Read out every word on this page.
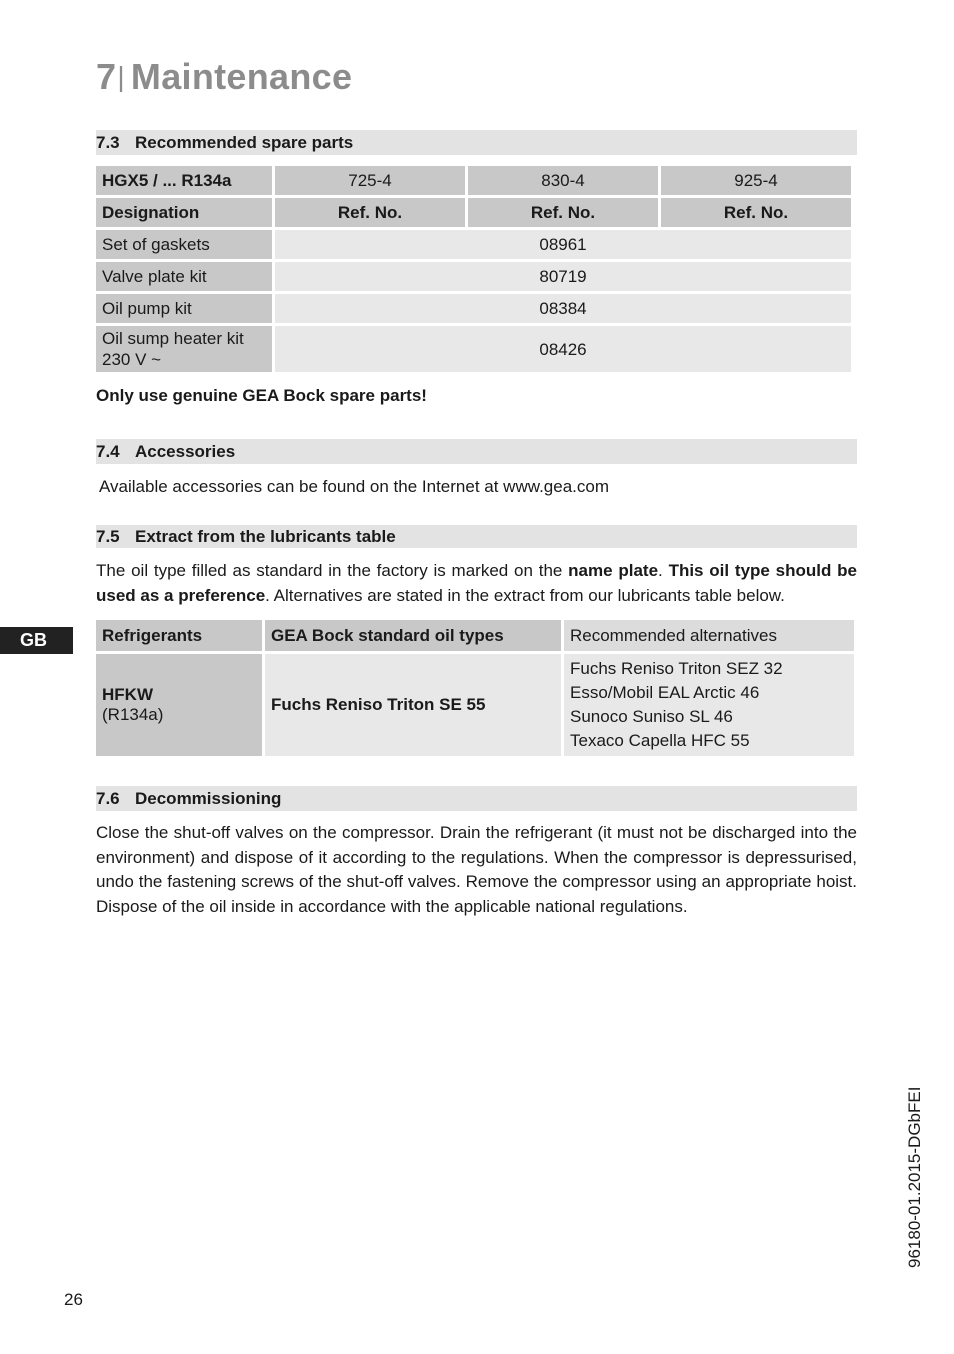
7| Maintenance
7.3 Recommended spare parts
HGX5 / ... R134a	725-4	830-4	925-4
Designation	Ref. No.	Ref. No.	Ref. No.
Set of gaskets	08961		
Valve plate kit	80719		
Oil pump kit	08384		
Oil sump heater kit
230 V ~	08426		
Only use genuine GEA Bock spare parts!
7.4 Accessories
Available accessories can be found on the Internet at www.gea.com
7.5 Extract from the lubricants table
The oil type filled as standard in the factory is marked on the name plate. This oil type should be used as a preference. Alternatives are stated in the extract from our lubricants table below.
Refrigerants	GEA Bock standard oil types	Recommended alternatives
HFKW
(R134a)	Fuchs Reniso Triton SE 55	Fuchs Reniso Triton SEZ 32
Esso/Mobil EAL Arctic 46
Sunoco Suniso SL 46
Texaco Capella HFC 55
7.6 Decommissioning
Close the shut-off valves on the compressor. Drain the refrigerant (it must not be discharged into the environment) and dispose of it according to the regulations. When the compressor is depressurised, undo the fastening screws of the shut-off valves. Remove the compressor using an appropriate hoist. Dispose of the oil inside in accordance with the applicable national regulations.
GB
96180-01.2015-DGbFEI
26
